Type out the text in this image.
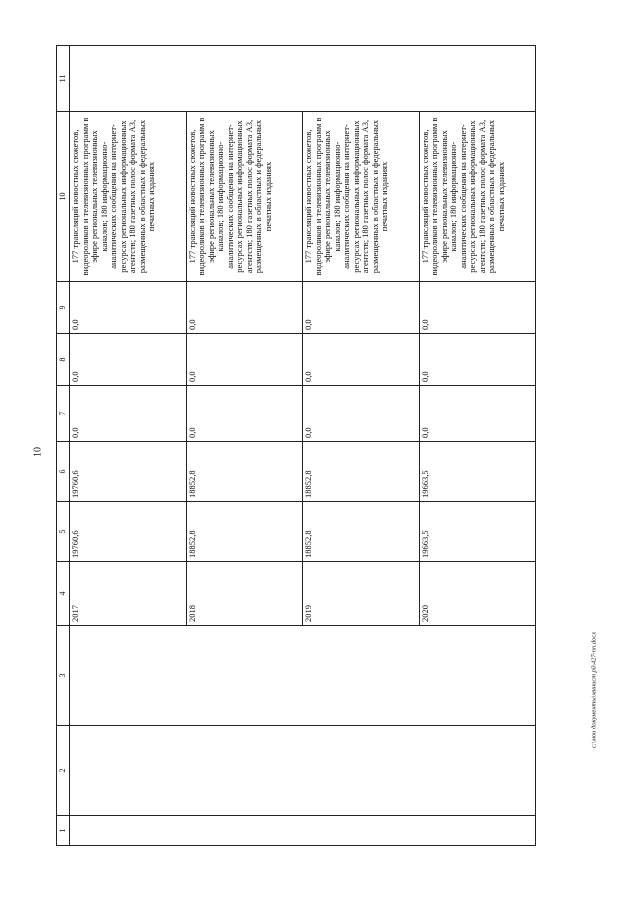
10
1	2	3	4	5	6	7	8	9	10	11
			2017	19760,6	19760,6	0,0	0,0	0,0	177 трансляций новостных сюжетов, видеороликов и телевизионных программ в эфире региональных телевизионных каналов; 180 информационно-аналитических сообщения на интернет-ресурсах региональных информационных агентств; 180 газетных полос формата А3, размещенных в областных и федеральных печатных изданиях	
			2018	18852,8	18852,8	0,0	0,0	0,0	177 трансляций новостных сюжетов, видеороликов и телевизионных программ в эфире региональных телевизионных каналов; 180 информационно-аналитических сообщения на интернет-ресурсах региональных информационных агентств; 180 газетных полос формата А3, размещенных в областных и федеральных печатных изданиях	
			2019	18852,8	18852,8	0,0	0,0	0,0	177 трансляций новостных сюжетов, видеороликов и телевизионных программ в эфире региональных телевизионных каналов; 180 информационно-аналитических сообщения на интернет-ресурсах региональных информационных агентств; 180 газетных полос формата А3, размещенных в областных и федеральных печатных изданиях	
			2020	19663,5	19663,5	0,0	0,0	0,0	177 трансляций новостных сюжетов, видеороликов и телевизионных программ в эфире региональных телевизионных каналов; 180 информационно-аналитических сообщения на интернет-ресурсах региональных информационных агентств; 180 газетных полос формата А3, размещенных в областных и федеральных печатных изданиях	
c:\мои документы\минист рй\427-пп.docx
